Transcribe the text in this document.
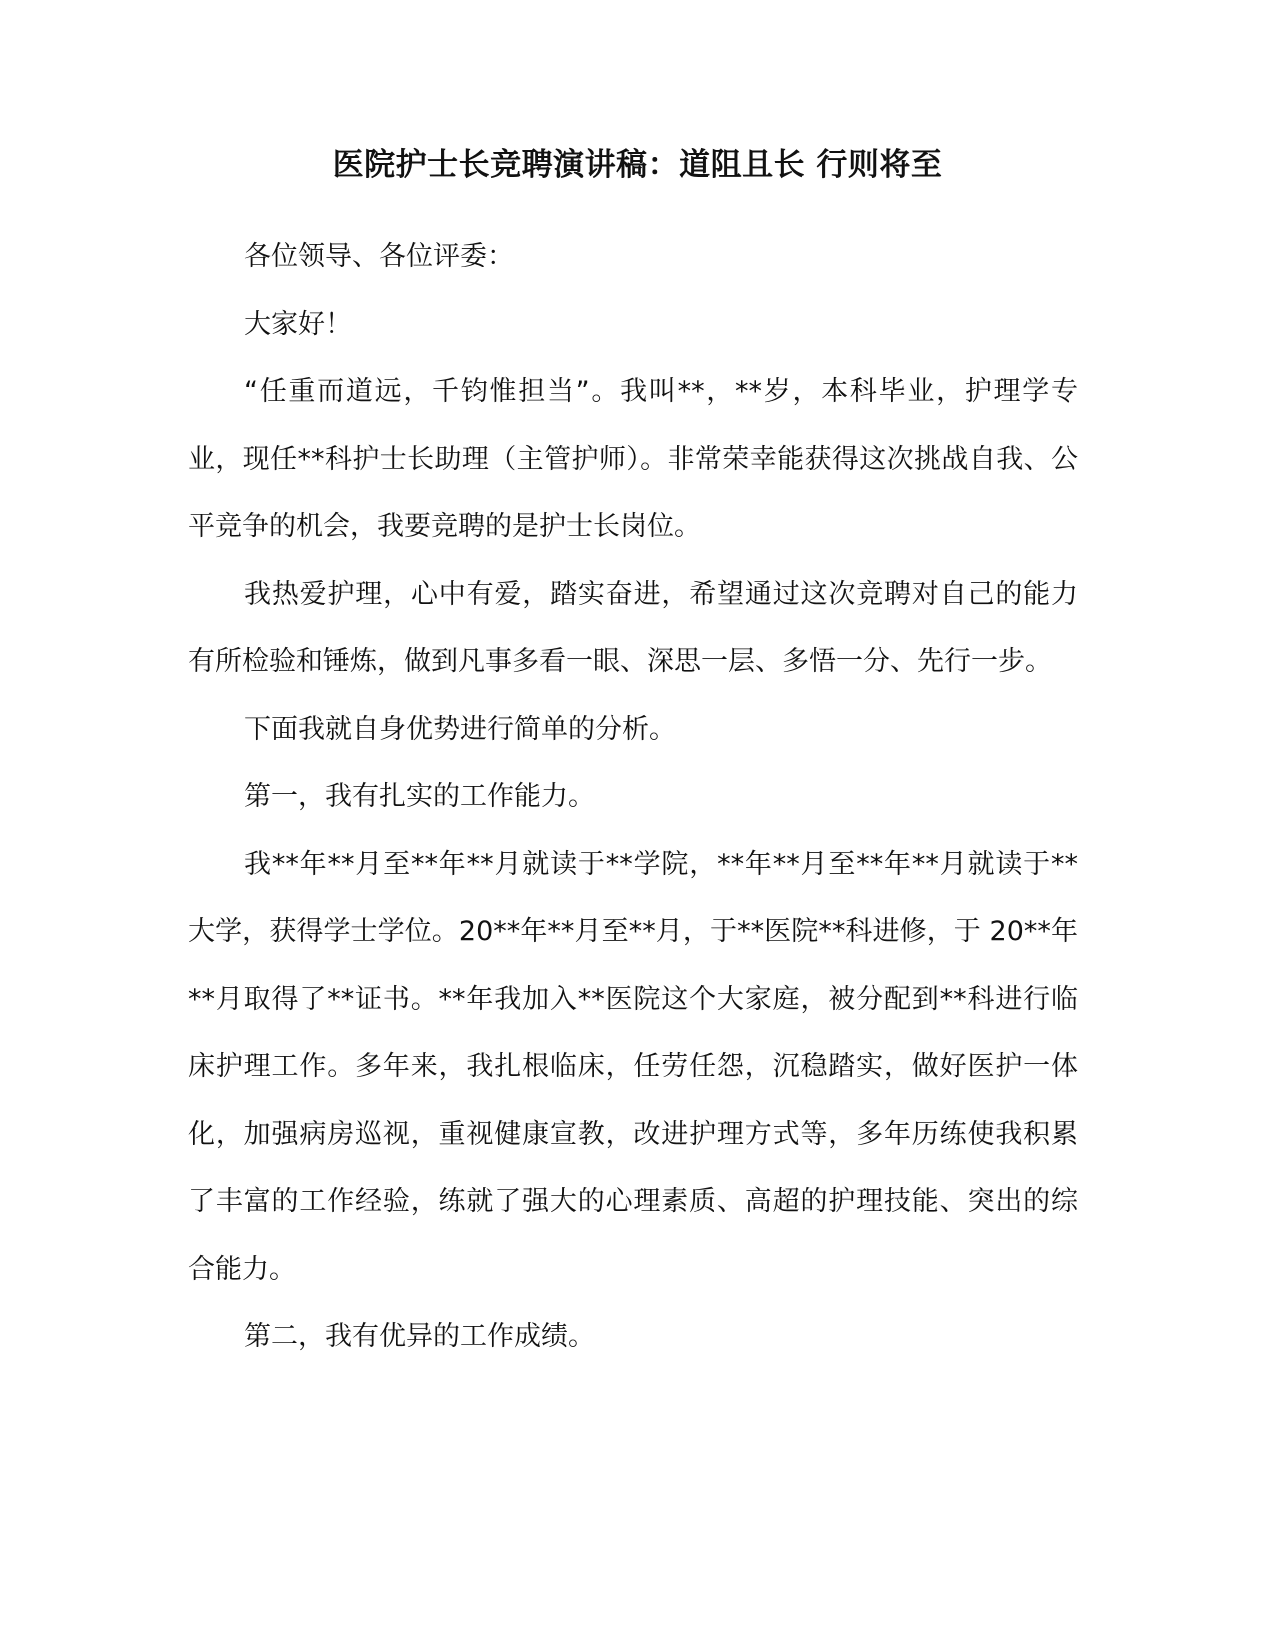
医院护士长竞聘演讲稿：道阻且长 行则将至

各位领导、各位评委：

大家好！

“任重而道远，千钧惟担当”。我叫**，**岁，本科毕业，护理学专业，现任**科护士长助理（主管护师）。非常荣幸能获得这次挑战自我、公平竞争的机会，我要竞聘的是护士长岗位。

我热爱护理，心中有爱，踏实奋进，希望通过这次竞聘对自己的能力有所检验和锤炼，做到凡事多看一眼、深思一层、多悟一分、先行一步。

下面我就自身优势进行简单的分析。

第一，我有扎实的工作能力。

我**年**月至**年**月就读于**学院，**年**月至**年**月就读于**大学，获得学士学位。20**年**月至**月，于**医院**科进修，于 20**年**月取得了**证书。**年我加入**医院这个大家庭，被分配到**科进行临床护理工作。多年来，我扎根临床，任劳任怨，沉稳踏实，做好医护一体化，加强病房巡视，重视健康宣教，改进护理方式等，多年历练使我积累了丰富的工作经验，练就了强大的心理素质、高超的护理技能、突出的综合能力。

第二，我有优异的工作成绩。
